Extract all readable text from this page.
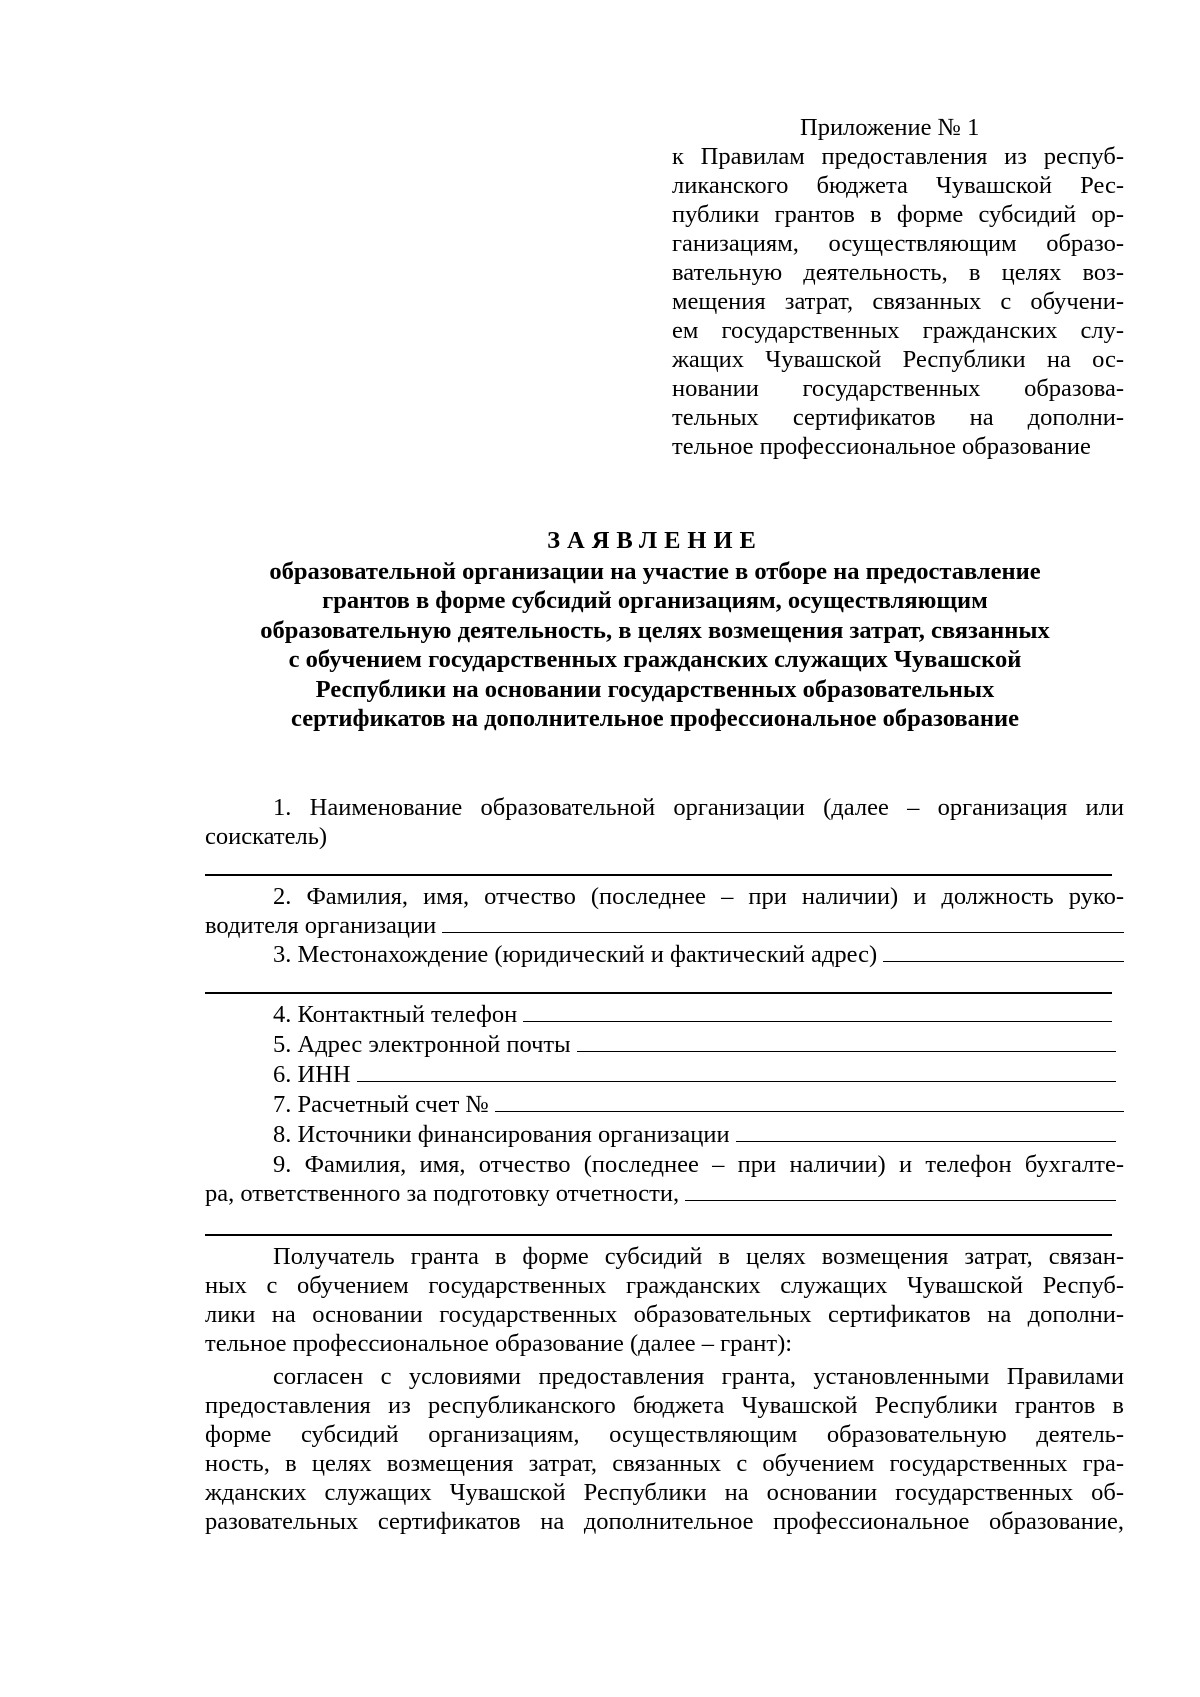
Приложение № 1
к Правилам предоставления из респуб-
ликанского бюджета Чувашской Рес-
публики грантов в форме субсидий ор-
ганизациям, осуществляющим образо-
вательную деятельность, в целях воз-
мещения затрат, связанных с обучени-
ем государственных гражданских слу-
жащих Чувашской Республики на ос-
новании государственных образова-
тельных сертификатов на дополни-
тельное профессиональное образование
ЗАЯВЛЕНИЕ
образовательной организации на участие в отборе на предоставление
грантов в форме субсидий организациям, осуществляющим
образовательную деятельность, в целях возмещения затрат, связанных
с обучением государственных гражданских служащих Чувашской
Республики на основании государственных образовательных
сертификатов на дополнительное профессиональное образование
1. Наименование образовательной организации (далее – организация или
соискатель)
2. Фамилия, имя, отчество (последнее – при наличии) и должность руко-
водителя организации
3. Местонахождение (юридический и фактический адрес)
4. Контактный телефон
5. Адрес электронной почты
6. ИНН
7. Расчетный счет №
8. Источники финансирования организации
9. Фамилия, имя, отчество (последнее – при наличии) и телефон бухгалте-
ра, ответственного за подготовку отчетности,
Получатель гранта в форме субсидий в целях возмещения затрат, связан-
ных с обучением государственных гражданских служащих Чувашской Респуб-
лики на основании государственных образовательных сертификатов на дополни-
тельное профессиональное образование (далее – грант):
согласен с условиями предоставления гранта, установленными Правилами
предоставления из республиканского бюджета Чувашской Республики грантов в
форме субсидий организациям, осуществляющим образовательную деятель-
ность, в целях возмещения затрат, связанных с обучением государственных гра-
жданских служащих Чувашской Республики на основании государственных об-
разовательных сертификатов на дополнительное профессиональное образование,
